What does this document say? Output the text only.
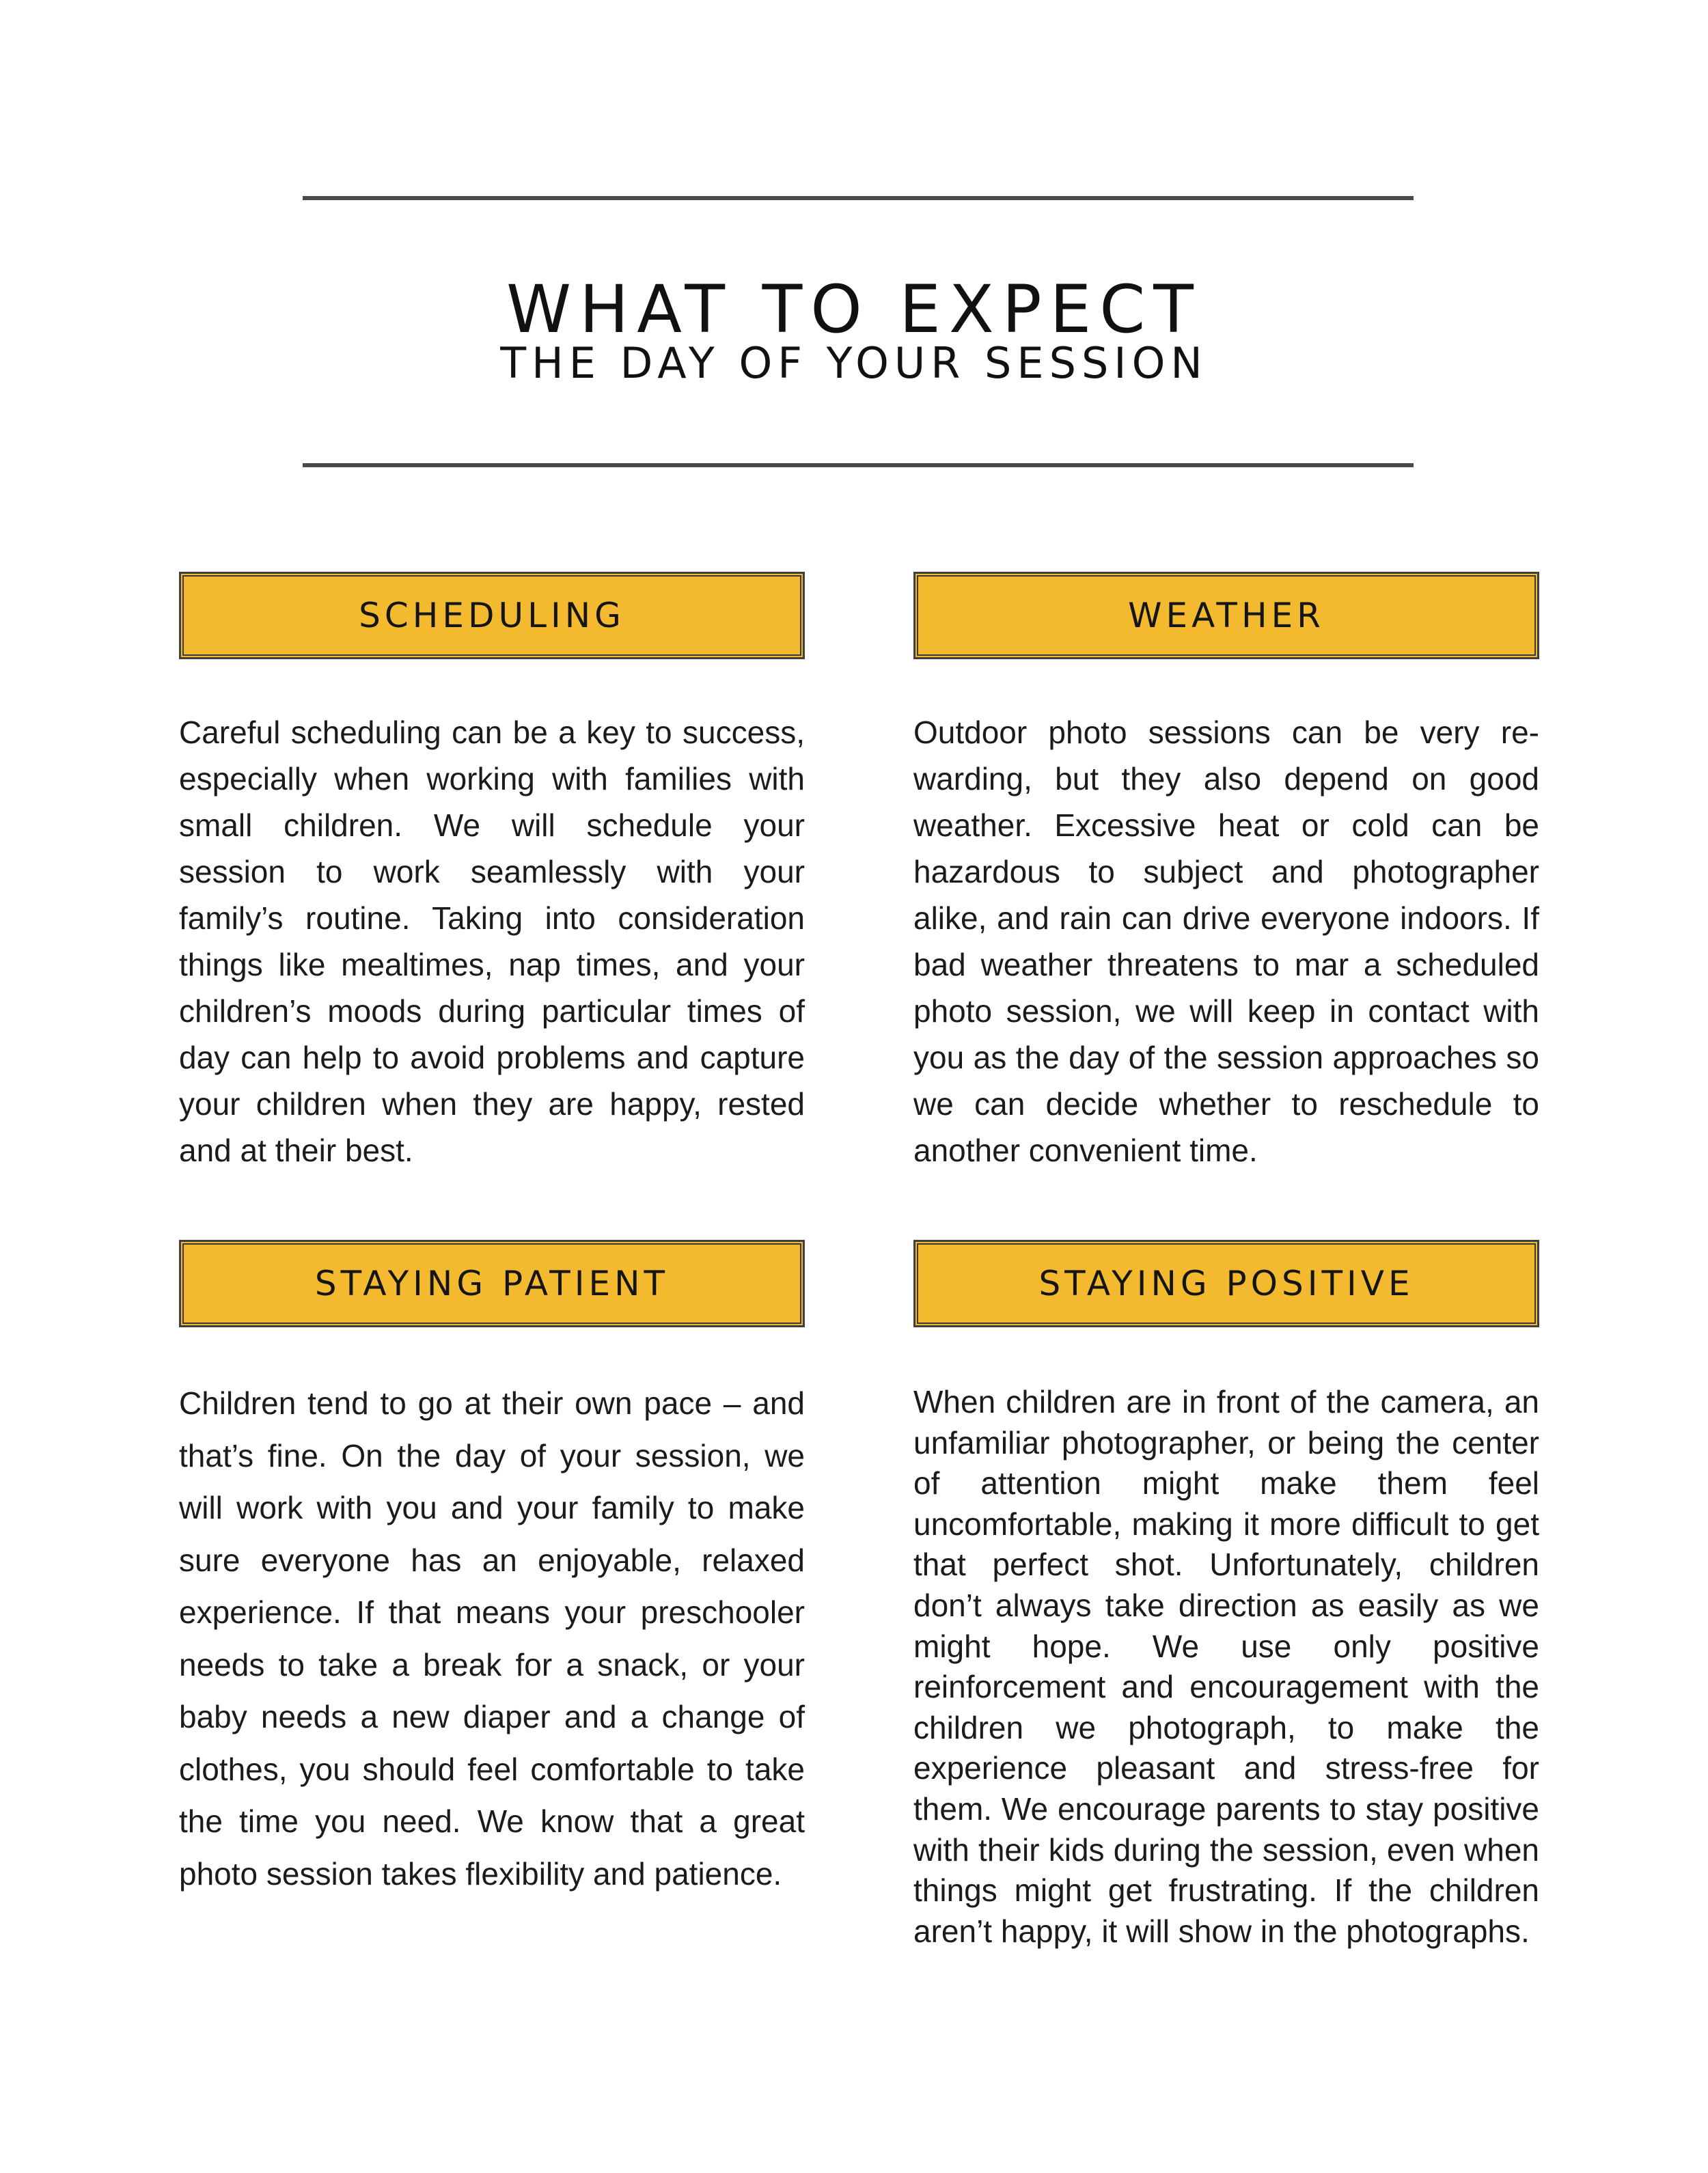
WHAT TO EXPECT
THE DAY OF YOUR SESSION
SCHEDULING

Careful scheduling can be a key to success, especially when working with families with small children. We will schedule your session to work seamlessly with your family’s routine. Taking into consideration things like mealtimes, nap times, and your children’s moods during particular times of day can help to avoid problems and capture your children when they are happy, rested and at their best.

WEATHER

Outdoor photo sessions can be very rewarding, but they also depend on good weather. Excessive heat or cold can be hazardous to subject and photographer alike, and rain can drive everyone indoors. If bad weather threatens to mar a scheduled photo session, we will keep in contact with you as the day of the session approaches so we can decide whether to reschedule to another convenient time.

STAYING PATIENT

Children tend to go at their own pace – and that’s fine. On the day of your session, we will work with you and your family to make sure everyone has an enjoyable, relaxed experience. If that means your preschooler needs to take a break for a snack, or your baby needs a new diaper and a change of clothes, you should feel comfortable to take the time you need. We know that a great photo session takes flexibility and patience.

STAYING POSITIVE

When children are in front of the camera, an unfamiliar photographer, or being the center of attention might make them feel uncomfortable, making it more difficult to get that perfect shot. Unfortunately, children don’t always take direction as easily as we might hope. We use only positive reinforcement and encouragement with the children we photograph, to make the experience pleasant and stress-free for them. We encourage parents to stay positive with their kids during the session, even when things might get frustrating. If the children aren’t happy, it will show in the photographs.
